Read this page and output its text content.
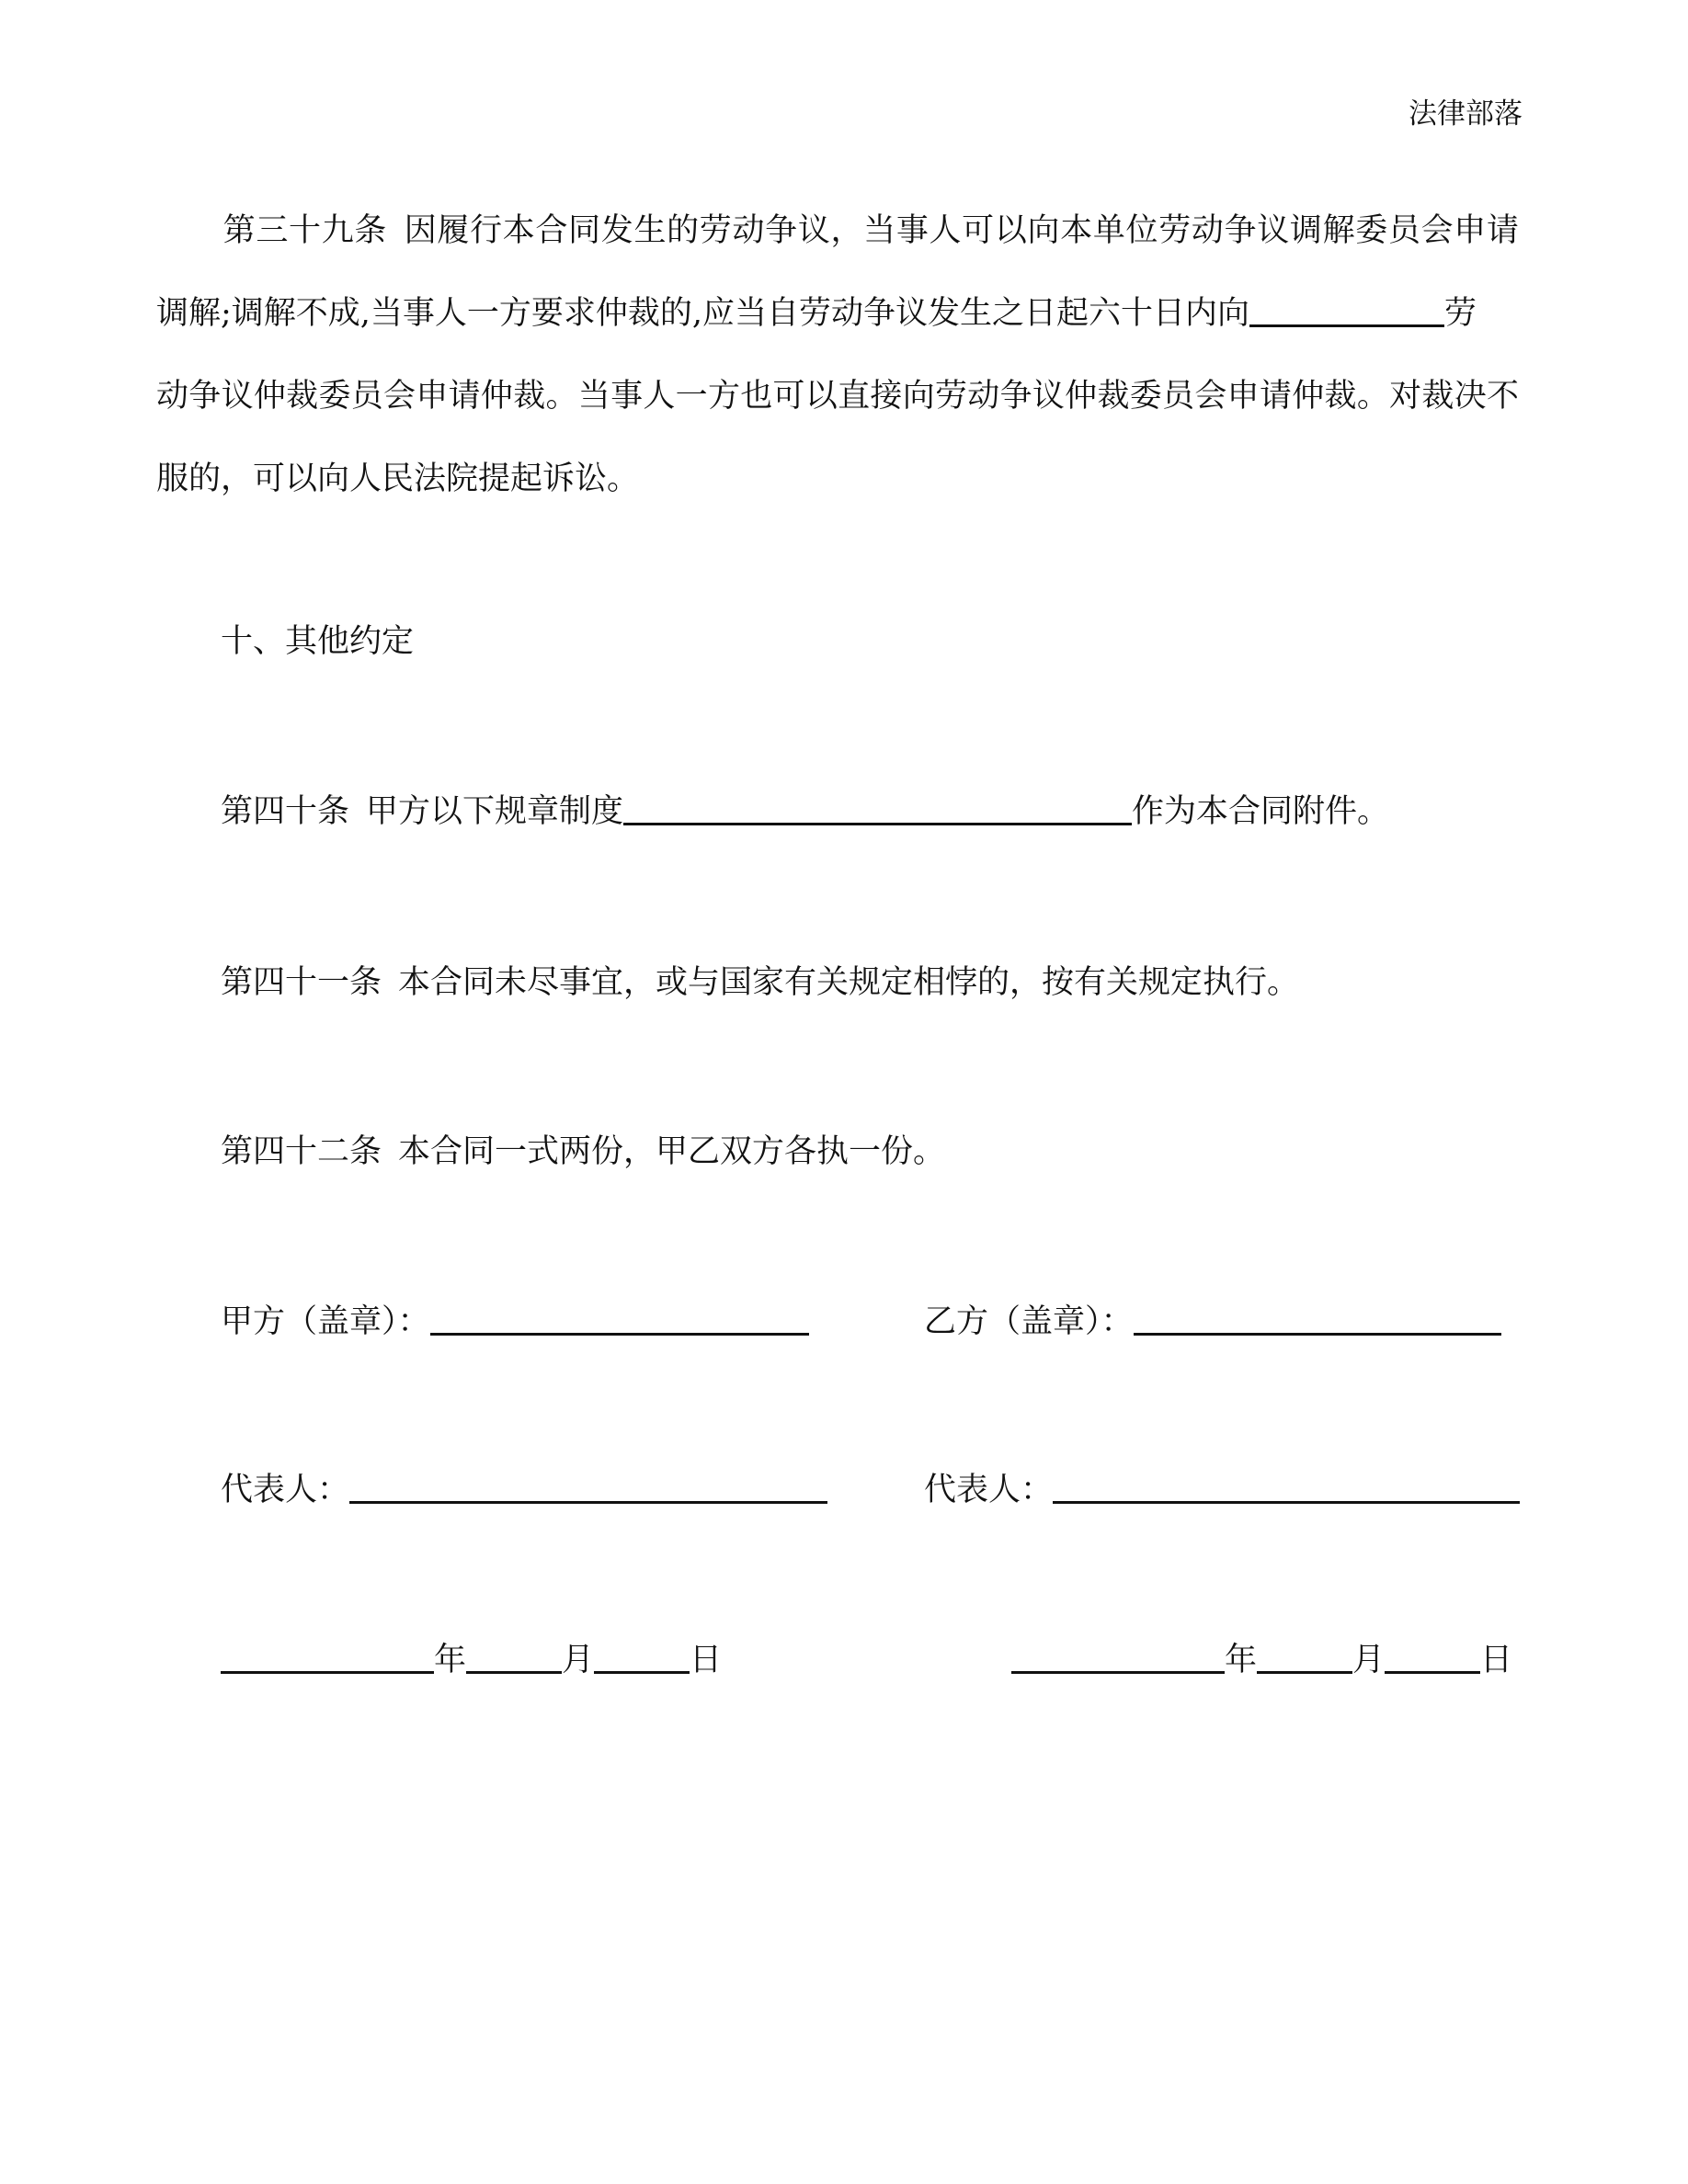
法律部落
第三十九条 因履行本合同发生的劳动争议，当事人可以向本单位劳动争议调解委员会申请
调解;调解不成,当事人一方要求仲裁的,应当自劳动争议发生之日起六十日内向	劳
动争议仲裁委员会申请仲裁。当事人一方也可以直接向劳动争议仲裁委员会申请仲裁。对裁决不
服的，可以向人民法院提起诉讼。
十、其他约定
第四十条 甲方以下规章制度	作为本合同附件。
第四十一条 本合同未尽事宜，或与国家有关规定相悖的，按有关规定执行。
第四十二条 本合同一式两份，甲乙双方各执一份。
甲方（盖章）：	乙方（盖章）：
代表人：	代表人：
年	月	日	年	月	日
